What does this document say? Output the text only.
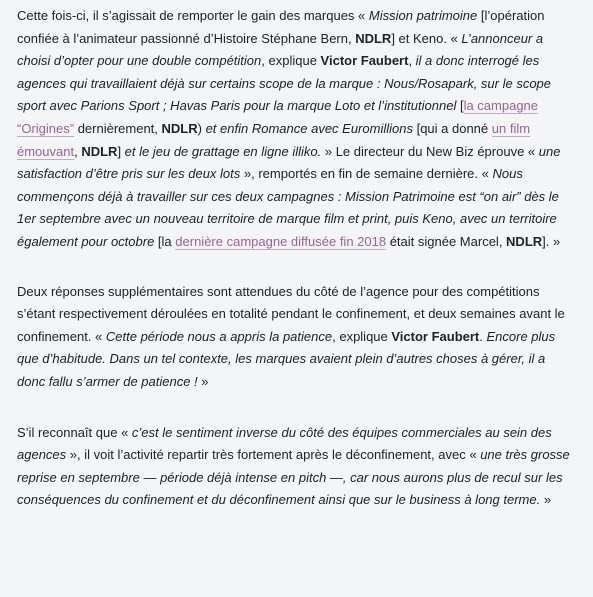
Cette fois-ci, il s’agissait de remporter le gain des marques « Mission patrimoine [l’opération confiée à l’animateur passionné d’Histoire Stéphane Bern, NDLR] et Keno. « L’annonceur a choisi d’opter pour une double compétition, explique Victor Faubert, il a donc interrogé les agences qui travaillaient déjà sur certains scope de la marque : Nous/Rosapark, sur le scope sport avec Parions Sport ; Havas Paris pour la marque Loto et l’institutionnel [la campagne “Origines” dernièrement, NDLR) et enfin Romance avec Euromillions [qui a donné un film émouvant, NDLR] et le jeu de grattage en ligne illiko. » Le directeur du New Biz éprouve « une satisfaction d’être pris sur les deux lots », remportés en fin de semaine dernière. « Nous commençons déjà à travailler sur ces deux campagnes : Mission Patrimoine est “on air” dès le 1er septembre avec un nouveau territoire de marque film et print, puis Keno, avec un territoire également pour octobre [la dernière campagne diffusée fin 2018 était signée Marcel, NDLR]. »

Deux réponses supplémentaires sont attendues du côté de l’agence pour des compétitions s’étant respectivement déroulées en totalité pendant le confinement, et deux semaines avant le confinement. « Cette période nous a appris la patience, explique Victor Faubert. Encore plus que d’habitude. Dans un tel contexte, les marques avaient plein d’autres choses à gérer, il a donc fallu s’armer de patience ! »

S’il reconnaît que « c’est le sentiment inverse du côté des équipes commerciales au sein des agences », il voit l’activité repartir très fortement après le déconfinement, avec « une très grosse reprise en septembre — période déjà intense en pitch —, car nous aurons plus de recul sur les conséquences du confinement et du déconfinement ainsi que sur le business à long terme. »
